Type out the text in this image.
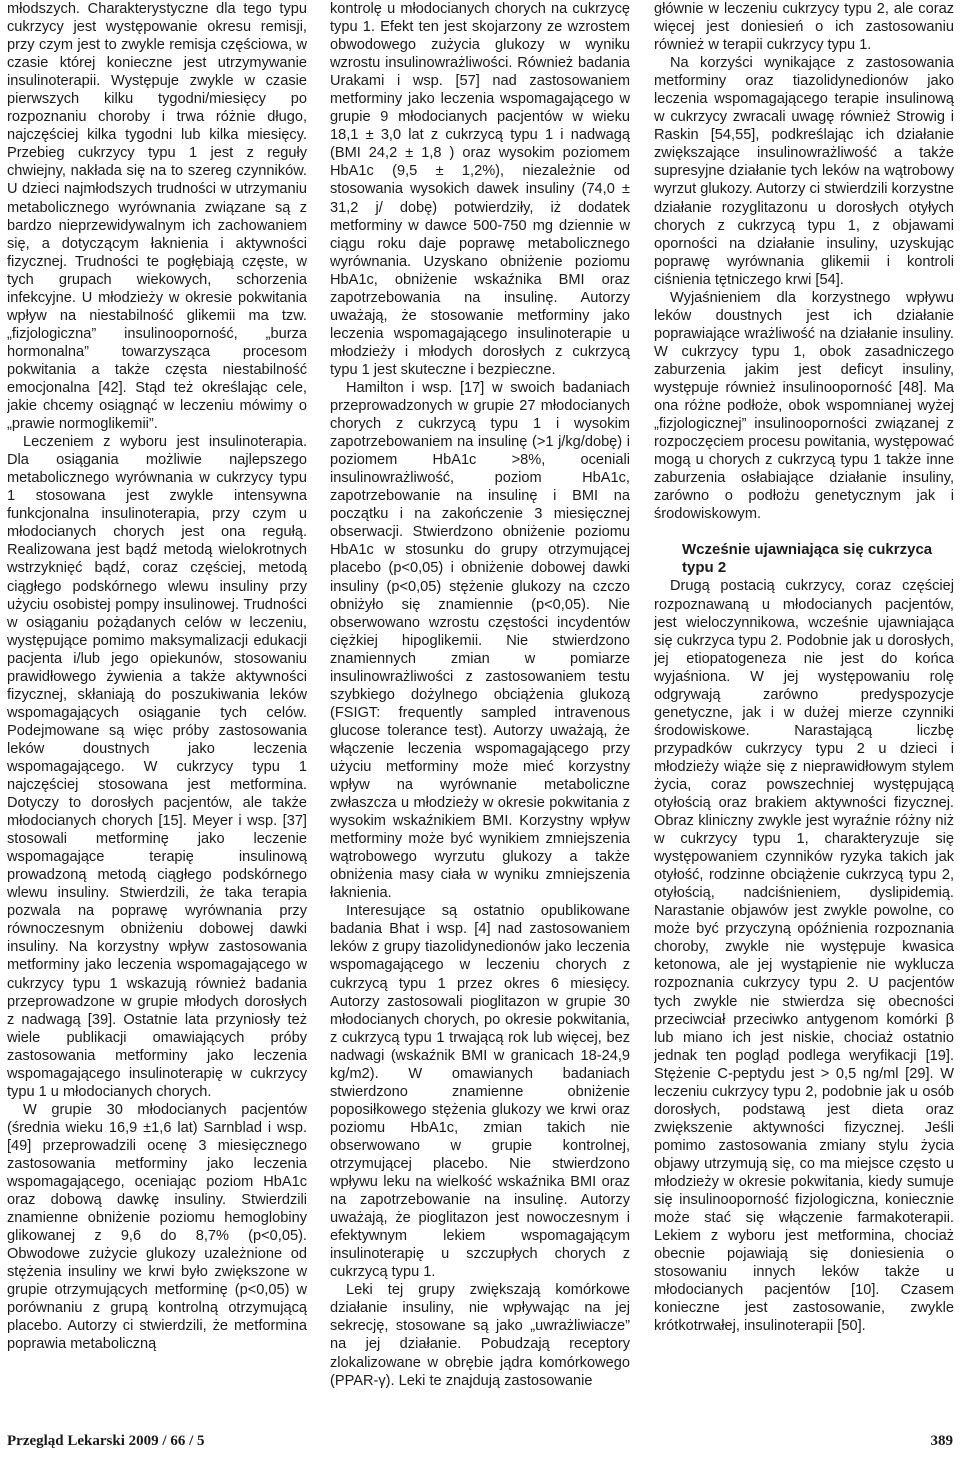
młodszych. Charakterystyczne dla tego typu cukrzycy jest występowanie okresu remisji, przy czym jest to zwykle remisja częściowa, w czasie której konieczne jest utrzymywanie insulinoterapii. Występuje zwykle w czasie pierwszych kilku tygodni/miesięcy po rozpoznaniu choroby i trwa różnie długo, najczęściej kilka tygodni lub kilka miesięcy. Przebieg cukrzycy typu 1 jest z reguły chwiejny, nakłada się na to szereg czynników. U dzieci najmłodszych trudności w utrzymaniu metabolicznego wyrównania związane są z bardzo nieprzewidywalnym ich zachowaniem się, a dotyczącym łaknienia i aktywności fizycznej. Trudności te pogłębiają częste, w tych grupach wiekowych, schorzenia infekcyjne. U młodzieży w okresie pokwitania wpływ na niestabilność glikemii ma tzw. „fizjologiczna” insulinooporność, „burza hormonalna” towarzysząca procesom pokwitania a także częsta niestabilność emocjonalna [42]. Stąd też określając cele, jakie chcemy osiągnąć w leczeniu mówimy o „prawie normoglikemii”.

Leczeniem z wyboru jest insulinoterapia. Dla osiągania możliwie najlepszego metabolicznego wyrównania w cukrzycy typu 1 stosowana jest zwykle intensywna funkcjonalna insulinoterapia, przy czym u młodocianych chorych jest ona regułą. Realizowana jest bądź metodą wielokrotnych wstrzyknięć bądź, coraz częściej, metodą ciągłego podskórnego wlewu insuliny przy użyciu osobistej pompy insulinowej. Trudności w osiąganiu pożądanych celów w leczeniu, występujące pomimo maksymalizacji edukacji pacjenta i/lub jego opiekunów, stosowaniu prawidłowego żywienia a także aktywności fizycznej, skłaniają do poszukiwania leków wspomagających osiąganie tych celów. Podejmowane są więc próby zastosowania leków doustnych jako leczenia wspomagającego. W cukrzycy typu 1 najczęściej stosowana jest metformina. Dotyczy to dorosłych pacjentów, ale także młodocianych chorych [15]. Meyer i wsp. [37] stosowali metforminę jako leczenie wspomagające terapię insulinową prowadzoną metodą ciągłego podskórnego wlewu insuliny. Stwierdzili, że taka terapia pozwala na poprawę wyrównania przy równoczesnym obniżeniu dobowej dawki insuliny. Na korzystny wpływ zastosowania metforminy jako leczenia wspomagającego w cukrzycy typu 1 wskazują również badania przeprowadzone w grupie młodych dorosłych z nadwagą [39]. Ostatnie lata przyniosły też wiele publikacji omawiających próby zastosowania metforminy jako leczenia wspomagającego insulinoterapię w cukrzycy typu 1 u młodocianych chorych.

W grupie 30 młodocianych pacjentów (średnia wieku 16,9 ±1,6 lat) Sarnblad i wsp. [49] przeprowadzili ocenę 3 miesięcznego zastosowania metforminy jako leczenia wspomagającego, oceniając poziom HbA1c oraz dobową dawkę insuliny. Stwierdzili znamienne obniżenie poziomu hemoglobiny glikowanej z 9,6 do 8,7% (p<0,05). Obwodowe zużycie glukozy uzależnione od stężenia insuliny we krwi było zwiększone w grupie otrzymujących metforminę (p<0,05) w porównaniu z grupą kontrolną otrzymującą placebo. Autorzy ci stwierdzili, że metformina poprawia metaboliczną

kontrolę u młodocianych chorych na cukrzycę typu 1. Efekt ten jest skojarzony ze wzrostem obwodowego zużycia glukozy w wyniku wzrostu insulinowrażliwości. Również badania Urakami i wsp. [57] nad zastosowaniem metforminy jako leczenia wspomagającego w grupie 9 młodocianych pacjentów w wieku 18,1 ± 3,0 lat z cukrzycą typu 1 i nadwagą (BMI 24,2 ± 1,8 ) oraz wysokim poziomem HbA1c (9,5 ± 1,2%), niezależnie od stosowania wysokich dawek insuliny (74,0 ± 31,2 j/ dobę) potwierdziły, iż dodatek metforminy w dawce 500-750 mg dziennie w ciągu roku daje poprawę metabolicznego wyrównania. Uzyskano obniżenie poziomu HbA1c, obniżenie wskaźnika BMI oraz zapotrzebowania na insulinę. Autorzy uważają, że stosowanie metforminy jako leczenia wspomagającego insulinoterapie u młodzieży i młodych dorosłych z cukrzycą typu 1 jest skuteczne i bezpieczne.

Hamilton i wsp. [17] w swoich badaniach przeprowadzonych w grupie 27 młodocianych chorych z cukrzycą typu 1 i wysokim zapotrzebowaniem na insulinę (>1 j/kg/dobę) i poziomem HbA1c >8%, oceniali insulinowrażliwość, poziom HbA1c, zapotrzebowanie na insulinę i BMI na początku i na zakończenie 3 miesięcznej obserwacji. Stwierdzono obniżenie poziomu HbA1c w stosunku do grupy otrzymującej placebo (p<0,05) i obniżenie dobowej dawki insuliny (p<0,05) stężenie glukozy na czczo obniżyło się znamiennie (p<0,05). Nie obserwowano wzrostu częstości incydentów ciężkiej hipoglikemii. Nie stwierdzono znamiennych zmian w pomiarze insulinowrażliwości z zastosowaniem testu szybkiego dożylnego obciążenia glukozą (FSIGT: frequently sampled intravenous glucose tolerance test). Autorzy uważają, że włączenie leczenia wspomagającego przy użyciu metforminy może mieć korzystny wpływ na wyrównanie metaboliczne zwłaszcza u młodzieży w okresie pokwitania z wysokim wskaźnikiem BMI. Korzystny wpływ metforminy może być wynikiem zmniejszenia wątrobowego wyrzutu glukozy a także obniżenia masy ciała w wyniku zmniejszenia łaknienia.

Interesujące są ostatnio opublikowane badania Bhat i wsp. [4] nad zastosowaniem leków z grupy tiazolidynedionów jako leczenia wspomagającego w leczeniu chorych z cukrzycą typu 1 przez okres 6 miesięcy. Autorzy zastosowali pioglitazon w grupie 30 młodocianych chorych, po okresie pokwitania, z cukrzycą typu 1 trwającą rok lub więcej, bez nadwagi (wskaźnik BMI w granicach 18-24,9 kg/m2). W omawianych badaniach stwierdzono znamienne obniżenie poposiłkowego stężenia glukozy we krwi oraz poziomu HbA1c, zmian takich nie obserwowano w grupie kontrolnej, otrzymującej placebo. Nie stwierdzono wpływu leku na wielkość wskaźnika BMI oraz na zapotrzebowanie na insulinę. Autorzy uważają, że pioglitazon jest nowoczesnym i efektywnym lekiem wspomagającym insulinoterapię u szczupłych chorych z cukrzycą typu 1.

Leki tej grupy zwiększają komórkowe działanie insuliny, nie wpływając na jej sekrecję, stosowane są jako „uwrażliwiacze” na jej działanie. Pobudzają receptory zlokalizowane w obrębie jądra komórkowego (PPAR-γ). Leki te znajdują zastosowanie

głównie w leczeniu cukrzycy typu 2, ale coraz więcej jest doniesień o ich zastosowaniu również w terapii cukrzycy typu 1.

Na korzyści wynikające z zastosowania metforminy oraz tiazolidynedionów jako leczenia wspomagającego terapie insulinową w cukrzycy zwracali uwagę również Strowig i Raskin [54,55], podkreślając ich działanie zwiększające insulinowrażliwość a także supresyjne działanie tych leków na wątrobowy wyrzut glukozy. Autorzy ci stwierdzili korzystne działanie rozyglitazonu u dorosłych otyłych chorych z cukrzycą typu 1, z objawami oporności na działanie insuliny, uzyskując poprawę wyrównania glikemii i kontroli ciśnienia tętniczego krwi [54].

Wyjaśnieniem dla korzystnego wpływu leków doustnych jest ich działanie poprawiające wrażliwość na działanie insuliny. W cukrzycy typu 1, obok zasadniczego zaburzenia jakim jest deficyt insuliny, występuje również insulinooporność [48]. Ma ona różne podłoże, obok wspomnianej wyżej „fizjologicznej” insulinooporności związanej z rozpoczęciem procesu powitania, występować mogą u chorych z cukrzycą typu 1 także inne zaburzenia osłabiające działanie insuliny, zarówno o podłożu genetycznym jak i środowiskowym.

Wcześnie ujawniająca się cukrzyca typu 2

Drugą postacią cukrzycy, coraz częściej rozpoznawaną u młodocianych pacjentów, jest wieloczynnikowa, wcześnie ujawniająca się cukrzyca typu 2. Podobnie jak u dorosłych, jej etiopatogeneza nie jest do końca wyjaśniona. W jej występowaniu rolę odgrywają zarówno predyspozycje genetyczne, jak i w dużej mierze czynniki środowiskowe. Narastającą liczbę przypadków cukrzycy typu 2 u dzieci i młodzieży wiąże się z nieprawidłowym stylem życia, coraz powszechniej występującą otyłością oraz brakiem aktywności fizycznej. Obraz kliniczny zwykle jest wyraźnie różny niż w cukrzycy typu 1, charakteryzuje się występowaniem czynników ryzyka takich jak otyłość, rodzinne obciążenie cukrzycą typu 2, otyłością, nadciśnieniem, dyslipidemią. Narastanie objawów jest zwykle powolne, co może być przyczyną opóźnienia rozpoznania choroby, zwykle nie występuje kwasica ketonowa, ale jej wystąpienie nie wyklucza rozpoznania cukrzycy typu 2. U pacjentów tych zwykle nie stwierdza się obecności przeciwciał przeciwko antygenom komórki β lub miano ich jest niskie, chociaż ostatnio jednak ten pogląd podlega weryfikacji [19]. Stężenie C-peptydu jest > 0,5 ng/ml [29]. W leczeniu cukrzycy typu 2, podobnie jak u osób dorosłych, podstawą jest dieta oraz zwiększenie aktywności fizycznej. Jeśli pomimo zastosowania zmiany stylu życia objawy utrzymują się, co ma miejsce często u młodzieży w okresie pokwitania, kiedy sumuje się insulinooporność fizjologiczna, koniecznie może stać się włączenie farmakoterapii. Lekiem z wyboru jest metformina, chociaż obecnie pojawiają się doniesienia o stosowaniu innych leków także u młodocianych pacjentów [10]. Czasem konieczne jest zastosowanie, zwykle krótkotrwałej, insulinoterapii [50].

Przegląd Lekarski 2009 / 66 / 5	389
